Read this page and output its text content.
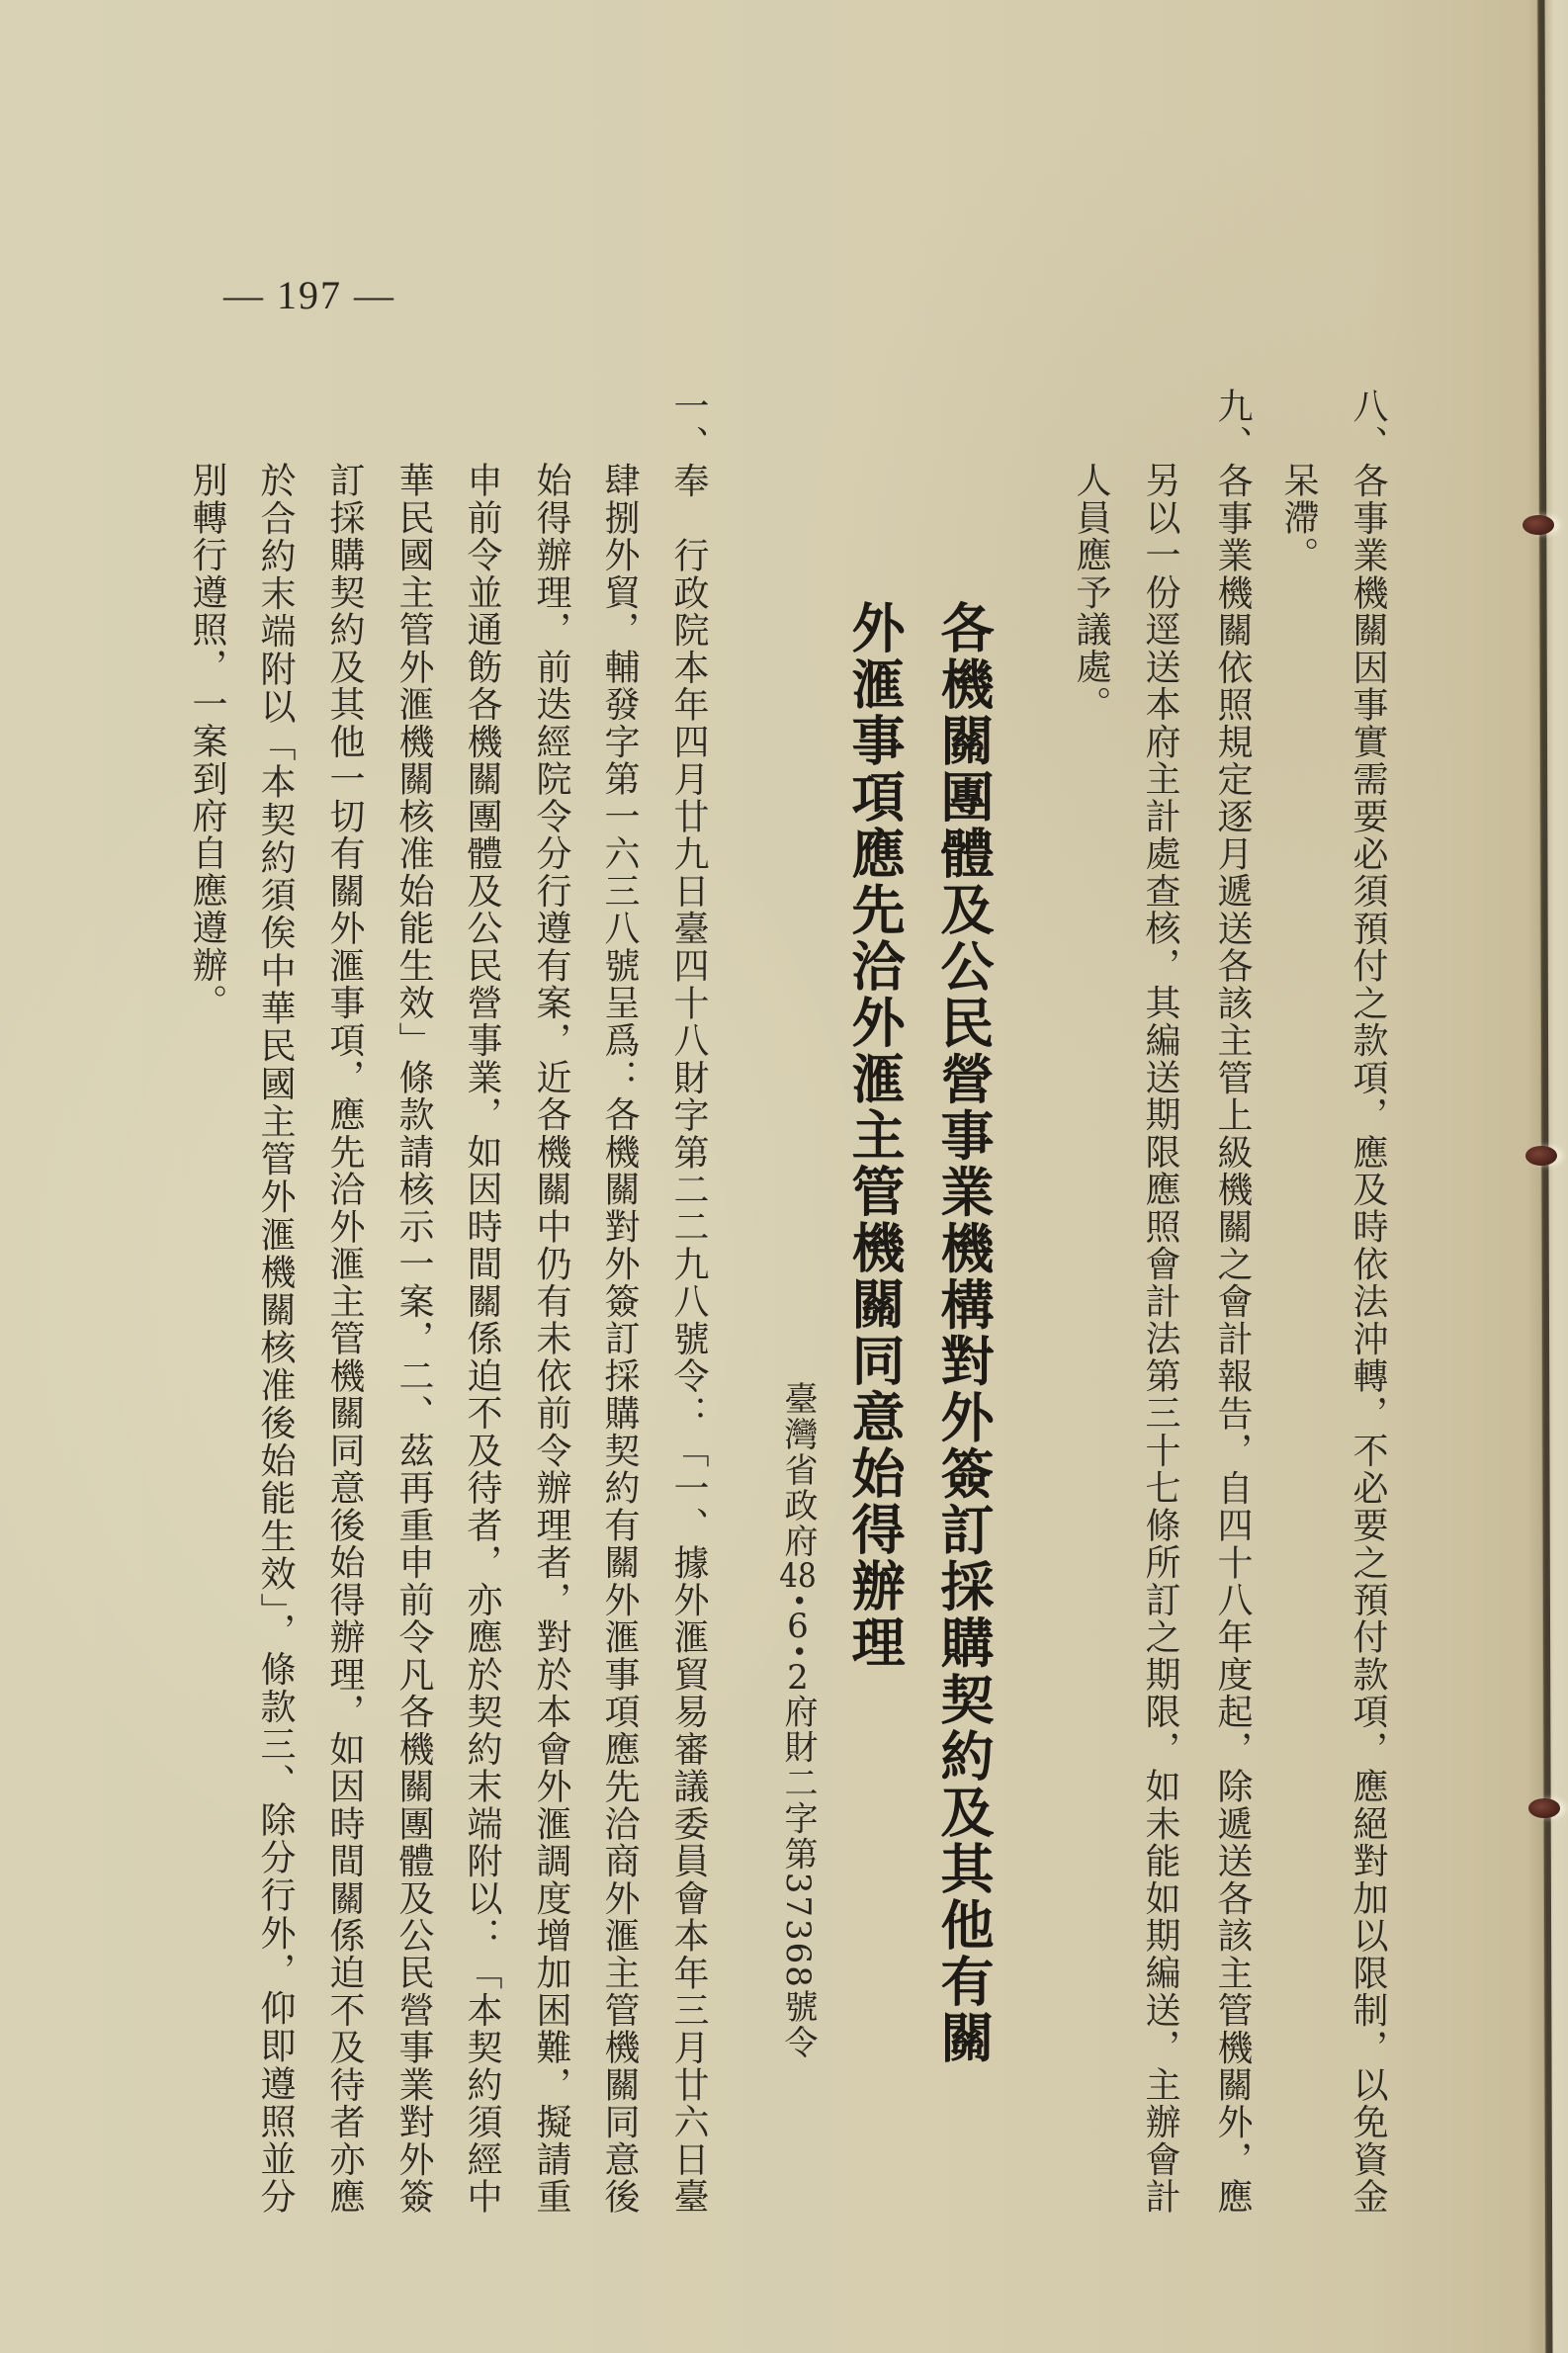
— 197 —
八、各事業機關因事實需要必須預付之款項，應及時依法沖轉，不必要之預付款項，應絕對加以限制，以免資金
呆滯。
九、各事業機關依照規定逐月遞送各該主管上級機關之會計報告，自四十八年度起，除遞送各該主管機關外，應
另以一份逕送本府主計處查核，其編送期限應照會計法第三十七條所訂之期限，如未能如期編送，主辦會計
人員應予議處。
各機關團體及公民營事業機構對外簽訂採購契約及其他有關
外滙事項應先洽外滙主管機關同意始得辦理
臺灣省政府48•6•2府財二字第37368號令
一、奉　行政院本年四月廿九日臺四十八財字第二二九八號令：「一、據外滙貿易審議委員會本年三月廿六日臺
肆捌外貿，輔發字第一六三八號呈爲：各機關對外簽訂採購契約有關外滙事項應先洽商外滙主管機關同意後
始得辦理，前迭經院令分行遵有案，近各機關中仍有未依前令辦理者，對於本會外滙調度增加困難，擬請重
申前令並通飭各機關團體及公民營事業，如因時間關係迫不及待者，亦應於契約末端附以：「本契約須經中
華民國主管外滙機關核准始能生效」條款請核示一案，二、茲再重申前令凡各機關團體及公民營事業對外簽
訂採購契約及其他一切有關外滙事項，應先洽外滙主管機關同意後始得辦理，如因時間關係迫不及待者亦應
於合約末端附以「本契約須俟中華民國主管外滙機關核准後始能生效」，條款三、除分行外，仰即遵照並分
別轉行遵照，一案到府自應遵辦。
